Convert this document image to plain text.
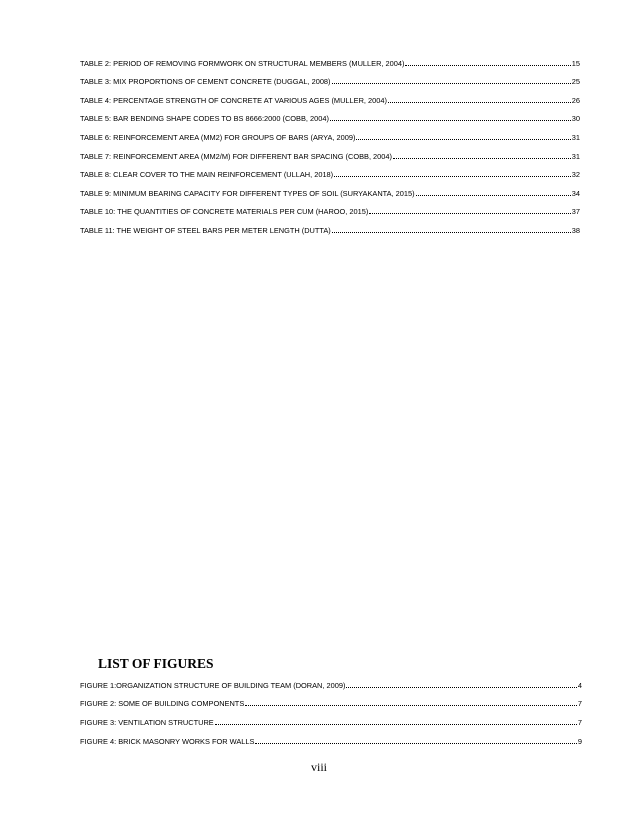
TABLE 2: PERIOD OF REMOVING FORMWORK ON STRUCTURAL MEMBERS (MULLER, 2004)	15
TABLE 3: MIX PROPORTIONS OF CEMENT CONCRETE (DUGGAL, 2008)	25
TABLE 4: PERCENTAGE STRENGTH OF CONCRETE AT VARIOUS AGES (MULLER, 2004)	26
TABLE 5: BAR BENDING SHAPE CODES TO BS 8666:2000 (COBB, 2004)	30
TABLE 6: REINFORCEMENT AREA (MM2) FOR GROUPS OF BARS (ARYA, 2009)	31
TABLE 7: REINFORCEMENT AREA (MM2/M) FOR DIFFERENT BAR SPACING (COBB, 2004)	31
TABLE 8: CLEAR COVER TO THE MAIN REINFORCEMENT (ULLAH, 2018)	32
TABLE 9: MINIMUM BEARING CAPACITY FOR DIFFERENT TYPES OF SOIL (SURYAKANTA, 2015)	34
TABLE 10: THE QUANTITIES OF CONCRETE MATERIALS PER CUM (HAROO, 2015)	37
TABLE 11: THE WEIGHT OF STEEL BARS PER METER LENGTH (DUTTA)	38
LIST OF FIGURES
FIGURE 1:ORGANIZATION STRUCTURE OF BUILDING TEAM (DORAN, 2009)	4
FIGURE 2: SOME OF BUILDING COMPONENTS	7
FIGURE 3: VENTILATION STRUCTURE	7
FIGURE 4: BRICK MASONRY WORKS FOR WALLS	9
viii
